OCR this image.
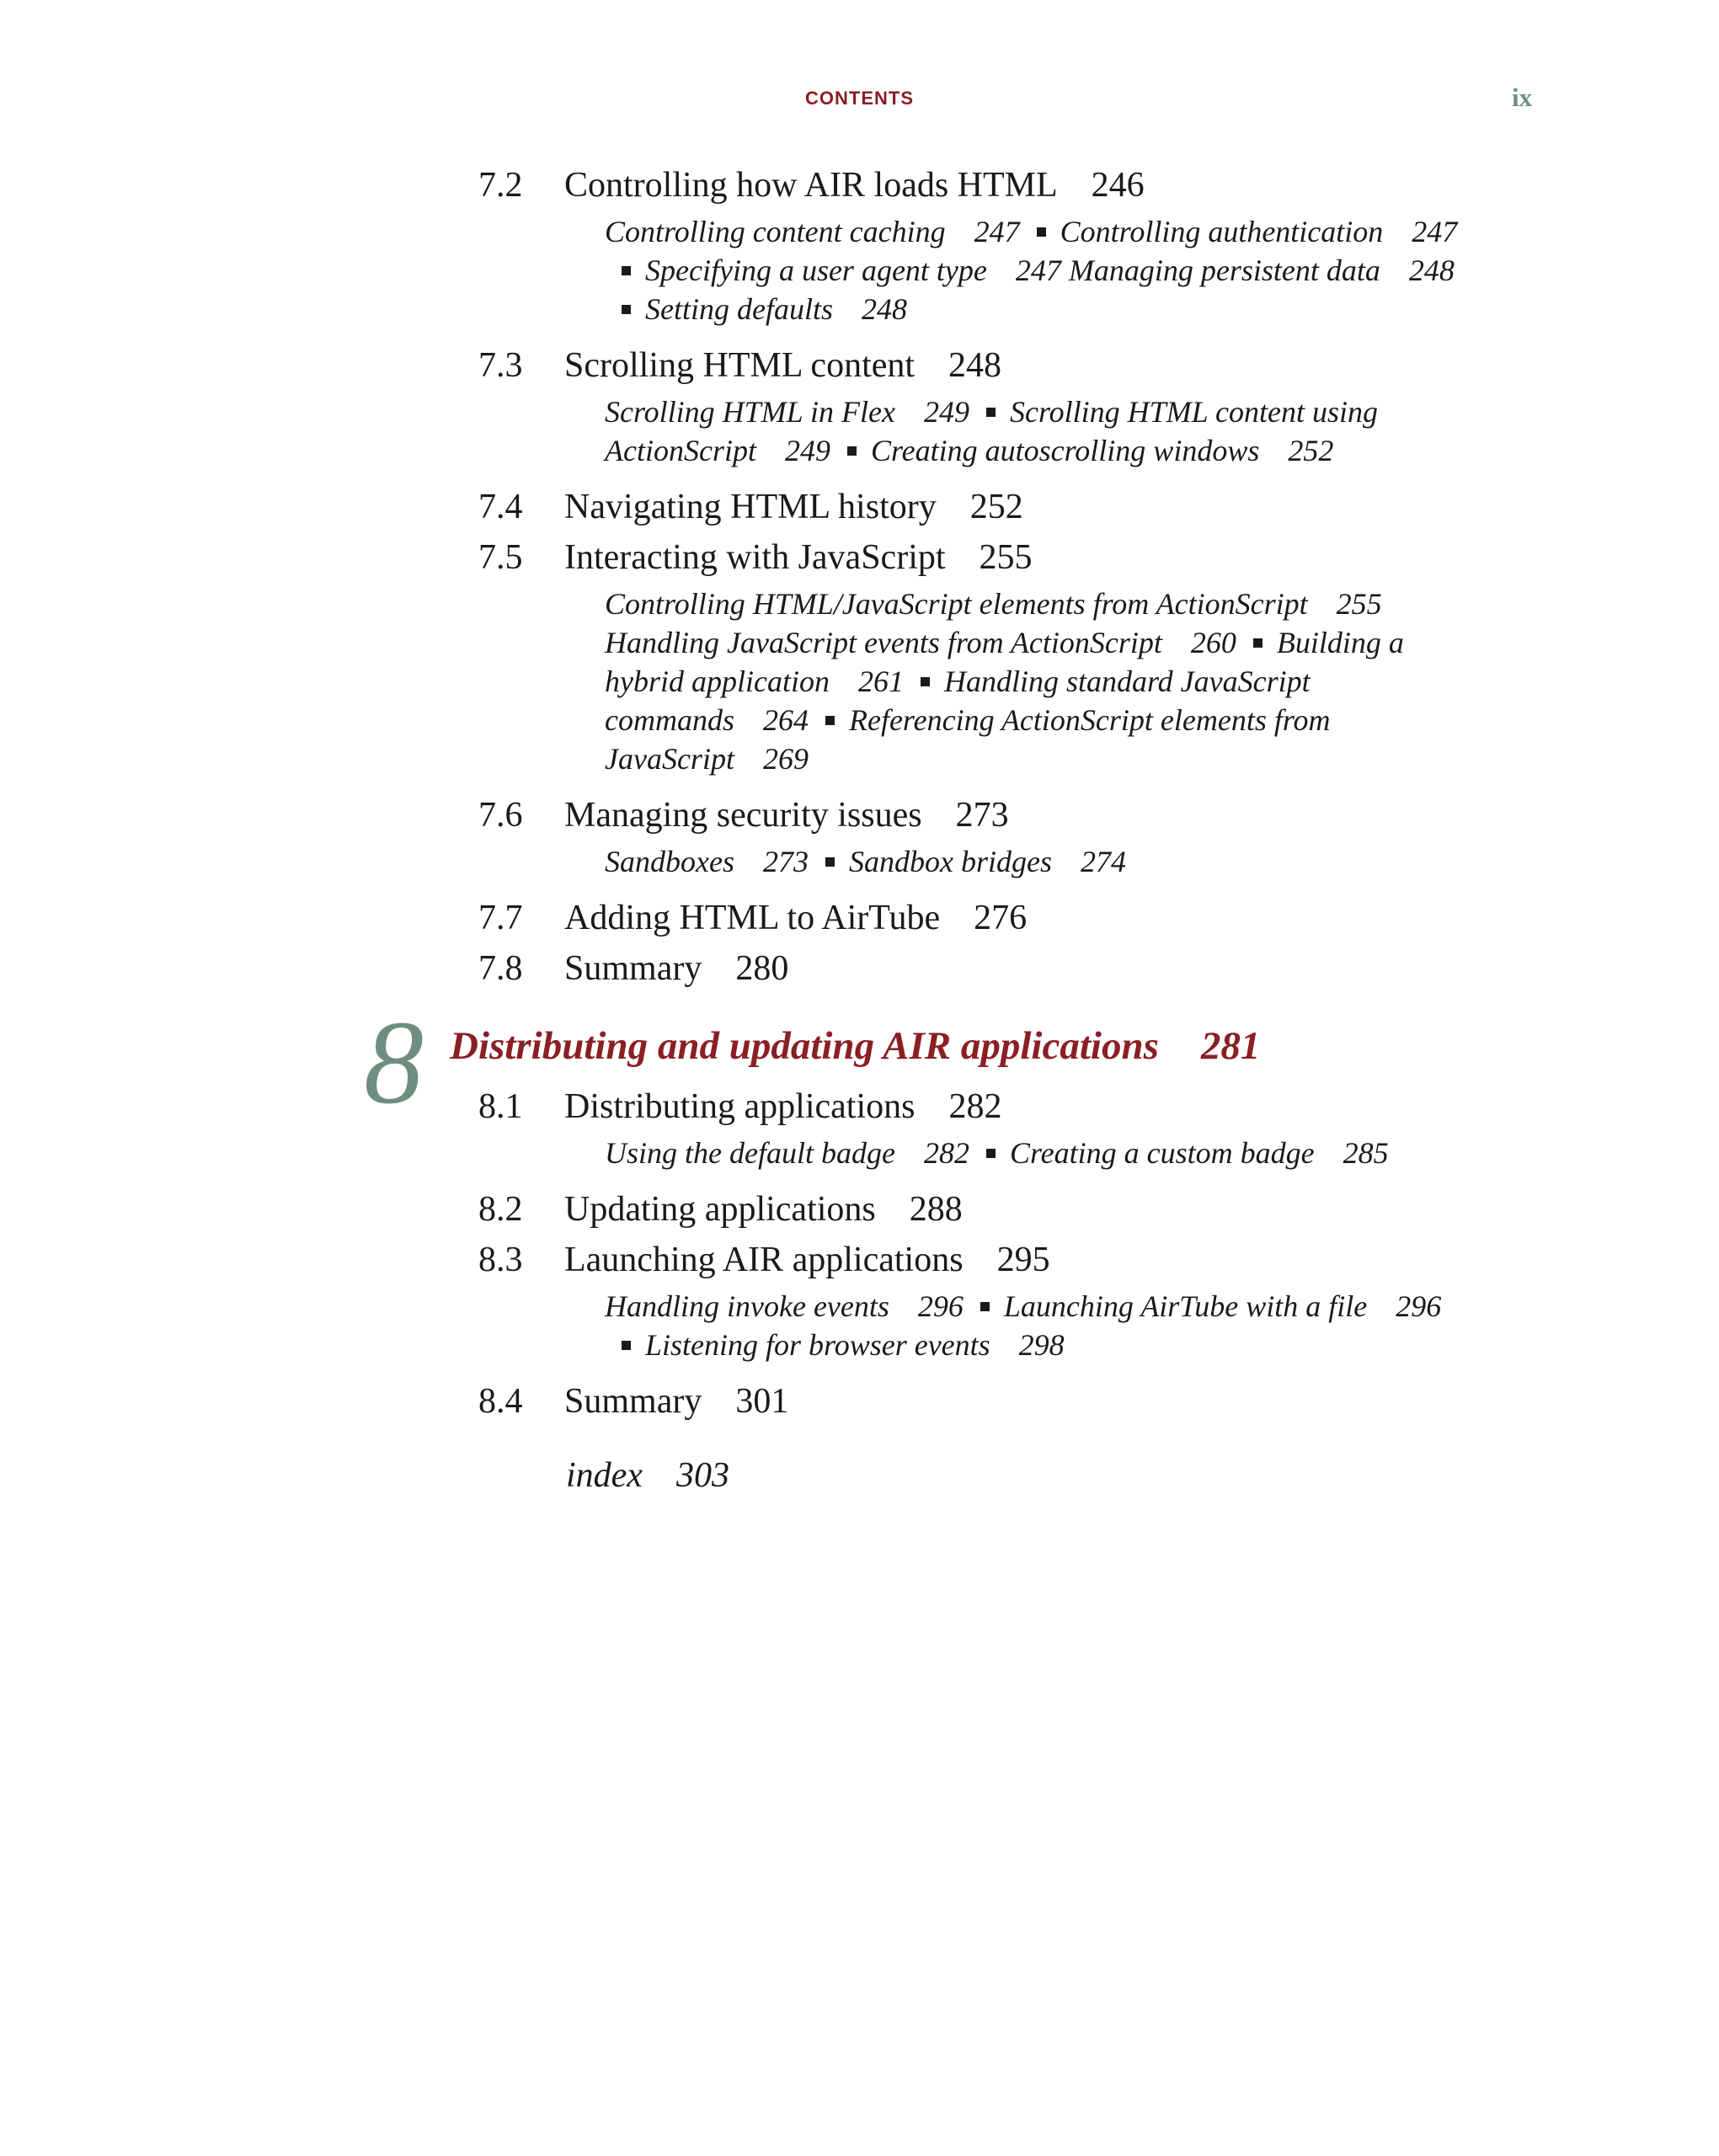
CONTENTS	ix
7.2 Controlling how AIR loads HTML 246
Controlling content caching 247 Controlling authentication 247Specifying a user agent type 247 Managing persistent data 248Setting defaults 248
7.3 Scrolling HTML content 248
Scrolling HTML in Flex 249 Scrolling HTML content using ActionScript 249 Creating autoscrolling windows 252
7.4 Navigating HTML history 252
7.5 Interacting with JavaScript 255
Controlling HTML/JavaScript elements from ActionScript 255 Handling JavaScript events from ActionScript 260 Building a hybrid application 261 Handling standard JavaScript commands 264 Referencing ActionScript elements from JavaScript 269
7.6 Managing security issues 273
Sandboxes 273 Sandbox bridges 274
7.7 Adding HTML to AirTube 276
7.8 Summary 280
8 Distributing and updating AIR applications 281
8.1 Distributing applications 282
Using the default badge 282 Creating a custom badge 285
8.2 Updating applications 288
8.3 Launching AIR applications 295
Handling invoke events 296 Launching AirTube with a file 296Listening for browser events 298
8.4 Summary 301
index 303
